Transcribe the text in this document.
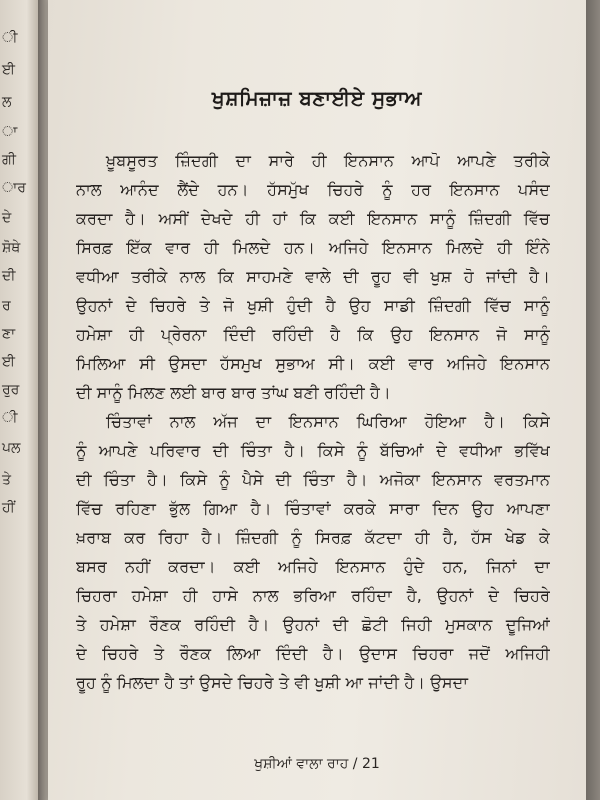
ੀ
ਈ
ਲ
ਾ
ਗੀ
ਾਰ
ਦੇ
ਸ਼ੋਥੇ
ਦੀ
ਰ
ਣਾ
ਈ
ਰੁਰ
ੀ
ਪਲ
ਤੇ
ਹੀਂ
ਖੁਸ਼ਮਿਜ਼ਾਜ਼ ਬਣਾਈਏ ਸੁਭਾਅ
ਖ਼ੂਬਸੂਰਤ ਜ਼ਿੰਦਗੀ ਦਾ ਸਾਰੇ ਹੀ ਇਨਸਾਨ ਆਪੋ ਆਪਣੇ ਤਰੀਕੇ
ਨਾਲ ਆਨੰਦ ਲੈਂਦੇ ਹਨ। ਹੱਸਮੁੱਖ ਚਿਹਰੇ ਨੂੰ ਹਰ ਇਨਸਾਨ ਪਸੰਦ
ਕਰਦਾ ਹੈ। ਅਸੀਂ ਦੇਖਦੇ ਹੀ ਹਾਂ ਕਿ ਕਈ ਇਨਸਾਨ ਸਾਨੂੰ ਜ਼ਿੰਦਗੀ ਵਿੱਚ
ਸਿਰਫ਼ ਇੱਕ ਵਾਰ ਹੀ ਮਿਲਦੇ ਹਨ। ਅਜਿਹੇ ਇਨਸਾਨ ਮਿਲਦੇ ਹੀ ਇੰਨੇ
ਵਧੀਆ ਤਰੀਕੇ ਨਾਲ ਕਿ ਸਾਹਮਣੇ ਵਾਲੇ ਦੀ ਰੂਹ ਵੀ ਖੁਸ਼ ਹੋ ਜਾਂਦੀ ਹੈ।
ਉਹਨਾਂ ਦੇ ਚਿਹਰੇ ਤੇ ਜੋ ਖੁਸ਼ੀ ਹੁੰਦੀ ਹੈ ਉਹ ਸਾਡੀ ਜ਼ਿੰਦਗੀ ਵਿੱਚ ਸਾਨੂੰ
ਹਮੇਸ਼ਾ ਹੀ ਪ੍ਰੇਰਨਾ ਦਿੰਦੀ ਰਹਿੰਦੀ ਹੈ ਕਿ ਉਹ ਇਨਸਾਨ ਜੋ ਸਾਨੂੰ
ਮਿਲਿਆ ਸੀ ਉਸਦਾ ਹੱਸਮੁਖ ਸੁਭਾਅ ਸੀ। ਕਈ ਵਾਰ ਅਜਿਹੇ ਇਨਸਾਨ
ਦੀ ਸਾਨੂੰ ਮਿਲਣ ਲਈ ਬਾਰ ਬਾਰ ਤਾਂਘ ਬਣੀ ਰਹਿੰਦੀ ਹੈ।
ਚਿੰਤਾਵਾਂ ਨਾਲ ਅੱਜ ਦਾ ਇਨਸਾਨ ਘਿਰਿਆ ਹੋਇਆ ਹੈ। ਕਿਸੇ
ਨੂੰ ਆਪਣੇ ਪਰਿਵਾਰ ਦੀ ਚਿੰਤਾ ਹੈ। ਕਿਸੇ ਨੂੰ ਬੱਚਿਆਂ ਦੇ ਵਧੀਆ ਭਵਿੱਖ
ਦੀ ਚਿੰਤਾ ਹੈ। ਕਿਸੇ ਨੂੰ ਪੈਸੇ ਦੀ ਚਿੰਤਾ ਹੈ। ਅਜੋਕਾ ਇਨਸਾਨ ਵਰਤਮਾਨ
ਵਿੱਚ ਰਹਿਣਾ ਭੁੱਲ ਗਿਆ ਹੈ। ਚਿੰਤਾਵਾਂ ਕਰਕੇ ਸਾਰਾ ਦਿਨ ਉਹ ਆਪਣਾ
ਖ਼ਰਾਬ ਕਰ ਰਿਹਾ ਹੈ। ਜ਼ਿੰਦਗੀ ਨੂੰ ਸਿਰਫ਼ ਕੱਟਦਾ ਹੀ ਹੈ, ਹੱਸ ਖੇਡ ਕੇ
ਬਸਰ ਨਹੀਂ ਕਰਦਾ। ਕਈ ਅਜਿਹੇ ਇਨਸਾਨ ਹੁੰਦੇ ਹਨ, ਜਿਨਾਂ ਦਾ
ਚਿਹਰਾ ਹਮੇਸ਼ਾ ਹੀ ਹਾਸੇ ਨਾਲ ਭਰਿਆ ਰਹਿੰਦਾ ਹੈ, ਉਹਨਾਂ ਦੇ ਚਿਹਰੇ
ਤੇ ਹਮੇਸ਼ਾ ਰੌਣਕ ਰਹਿੰਦੀ ਹੈ। ਉਹਨਾਂ ਦੀ ਛੋਟੀ ਜਿਹੀ ਮੁਸਕਾਨ ਦੂਜਿਆਂ
ਦੇ ਚਿਹਰੇ ਤੇ ਰੌਣਕ ਲਿਆ ਦਿੰਦੀ ਹੈ। ਉਦਾਸ ਚਿਹਰਾ ਜਦੋਂ ਅਜਿਹੀ
ਰੂਹ ਨੂੰ ਮਿਲਦਾ ਹੈ ਤਾਂ ਉਸਦੇ ਚਿਹਰੇ ਤੇ ਵੀ ਖੁਸ਼ੀ ਆ ਜਾਂਦੀ ਹੈ। ਉਸਦਾ
ਖੁਸ਼ੀਆਂ ਵਾਲਾ ਰਾਹ / 21
